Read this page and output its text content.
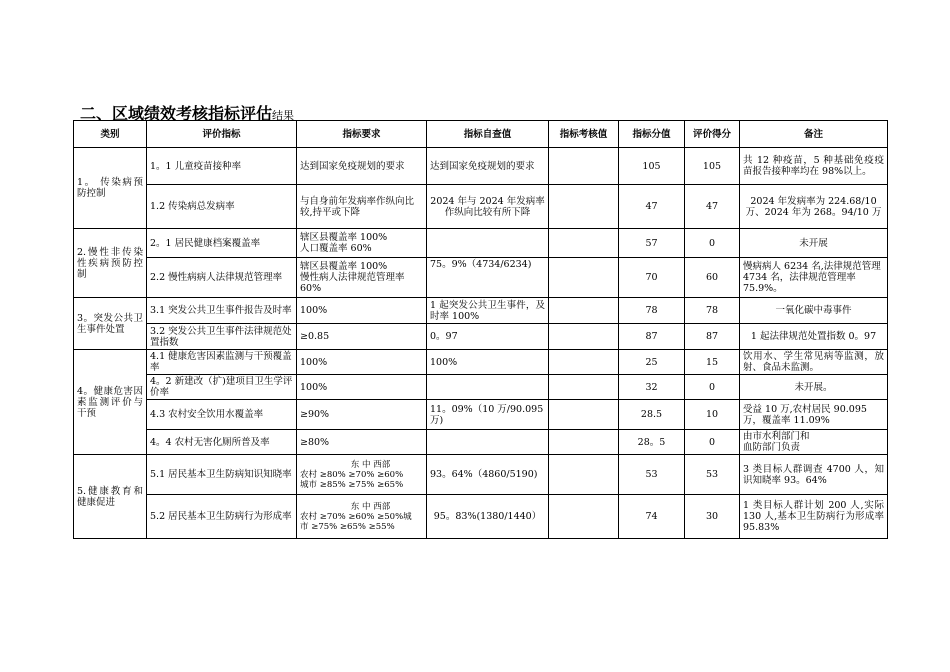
二、区域绩效考核指标评估结果
类别	评价指标	指标要求	指标自查值	指标考核值	指标分值	评价得分	备注
1。 传染病预防控制	1。1 儿童疫苗接种率	达到国家免疫规划的要求	达到国家免疫规划的要求		105	105	共 12 种疫苗，5 种基础免疫疫苗报告接种率均在 98%以上。
	1.2 传染病总发病率	与自身前年发病率作纵向比较,持平或下降	2024 年与 2024 年发病率作纵向比较有所下降		47	47	2024 年发病率为 224.68/10 万、2024 年为 268。94/10 万
2.慢性非传染性疾病预防控制	2。1 居民健康档案覆盖率	辖区县覆盖率 100%
人口覆盖率 60%			57	0	未开展
	2.2 慢性病病人法律规范管理率	辖区县覆盖率 100%
慢性病人法律规范管理率 60%	75。9%（4734/6234)		70	60	慢病病人 6234 名,法律规范管理 4734 名，法律规范管理率 75.9%。
3。突发公共卫生事件处置	3.1 突发公共卫生事件报告及时率	100%	1 起突发公共卫生事件，及时率 100%		78	78	一氧化碳中毒事件
	3.2 突发公共卫生事件法律规范处置指数	≥0.85	0。97		87	87	1 起法律规范处置指数 0。97
4。健康危害因素监测评价与干预	4.1 健康危害因素监测与干预覆盖率	100%	100%		25	15	饮用水、学生常见病等监测，放射、食品未监测。
	4。2 新建改（扩)建项目卫生学评价率	100%			32	0	未开展。
	4.3 农村安全饮用水覆盖率	≥90%	11。09%（10 万/90.095 万)		28.5	10	受益 10 万,农村居民 90.095 万，覆盖率 11.09%
	4。4 农村无害化厕所普及率	≥80%			28。5	0	由市水利部门和
血防部门负责

5.健康教育和健康促进	5.1 居民基本卫生防病知识知晓率	东 中 西部
农村 ≥80% ≥70% ≥60%
城市 ≥85% ≥75% ≥65%	93。64%（4860/5190)		53	53	3 类目标人群调查 4700 人，知识知晓率 93。64%
	5.2 居民基本卫生防病行为形成率	东 中 西部
农村 ≥70% ≥60% ≥50%城
市 ≥75% ≥65% ≥55%	95。83%(1380/1440）		74	30	1 类目标人群计划 200 人,实际 130 人,基本卫生防病行为形成率 95.83%
